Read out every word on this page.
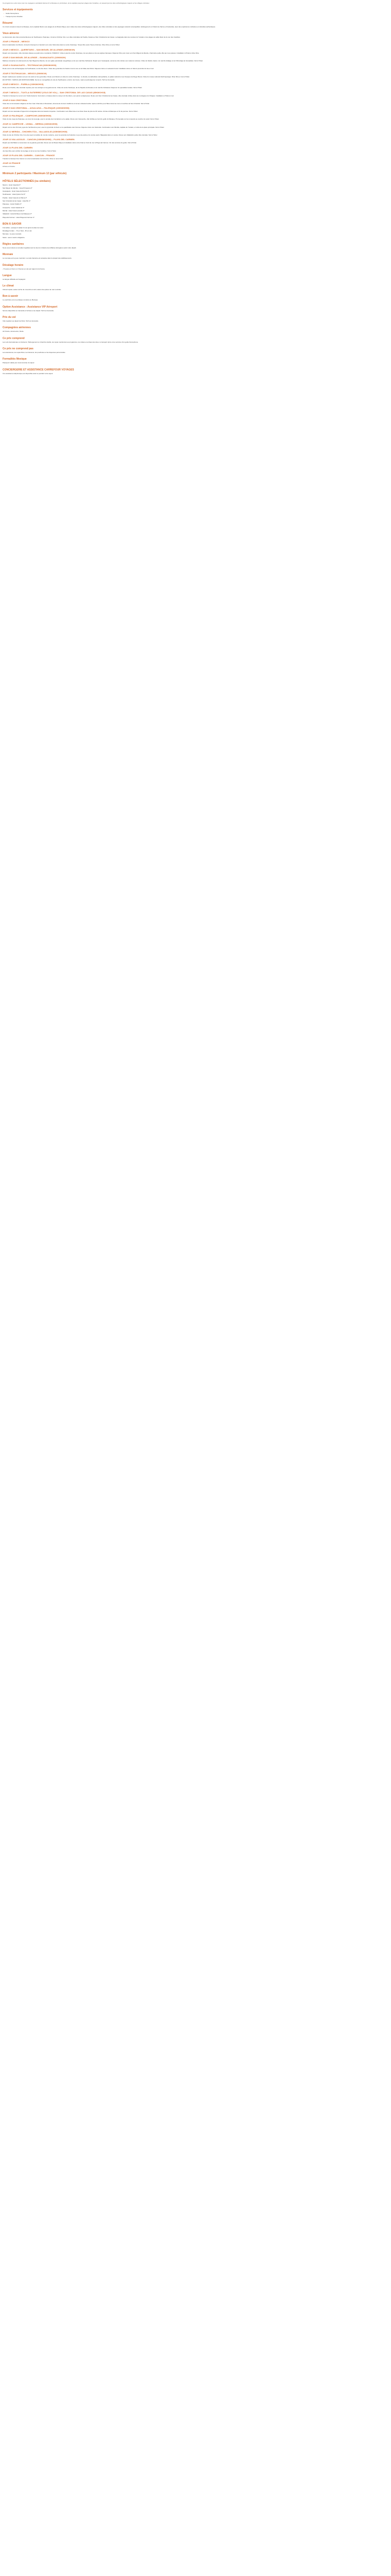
Ce programme a été conçu pour les voyageurs souhaitant découvrir le Mexique en profondeur, de la capitale jusqu'aux plages des Caraïbes, en passant par les sites archéologiques majeurs et les villages coloniaux.
Services et équipements
• Guide francophone
• Transport privé climatisé
Résumé
Un circuit complet à travers le Mexique, de la capitale Mexico aux plages de la Riviera Maya, avec visites des sites archéologiques majeurs, des villes coloniales et des paysages naturels remarquables. Hébergement en hôtels de charme et haciendas, avec des expériences culinaires et culturelles authentiques.
Vous aimerez
La découverte des cités précolombiennes de Teotihuacan, Palenque, Uxmal et Chichen Itza. Les villes coloniales de Puebla, Oaxaca et San Cristobal de las Casas. La baignade dans les cenotes du Yucatan et les plages de sable blanc de la mer des Caraïbes.
JOUR 1 FRANCE – MEXICO
Envol à destination de Mexico. Accueil à l'aéroport et transfert vers votre hôtel situé dans le centre historique. Temps libre selon l'heure d'arrivée. Dîner libre et nuit à l'hôtel.
JOUR 2 MEXICO – QUERETARO – SAN MIGUEL DE ALLENDE (300KM/4H)
Départ vers Queretaro, ville coloniale classée au patrimoine mondial de l'UNESCO. Visite à pied du centre historique, de ses places et de ses églises baroques. Déjeuner libre puis route vers San Miguel de Allende, charmante petite ville aux rues pavées. Installation à l'hôtel et dîner libre.
JOUR 3 SAN MIGUEL DE ALLENDE – GUANAJUATO (130KM/2H)
Matinée consacrée à la découverte de San Miguel de Allende, de son église paroissiale néogothique et de ses marchés d'artisanat. Départ pour Guanajuato, ancienne cité minière aux maisons colorées. Visite du théâtre Juarez, du marché Hidalgo et de l'Alhondiga de Granaditas. Nuit à l'hôtel.
JOUR 4 GUANAJUATO – TEOTIHUACAN (360KM/4H30)
Route vers le site archéologique de Teotihuacan, la cité des dieux. Visite des pyramides du Soleil et de la Lune et de l'allée des Morts. Déjeuner dans un restaurant local. Installation dans un hôtel à proximité du site et nuit.
JOUR 5 TEOTIHUACAN – MEXICO (50KM/1H)
Départ matinal pour assister au lever du soleil sur les pyramides. Route vers Mexico et visite du centre historique : le Zocalo, la cathédrale métropolitaine, le palais national et ses fresques de Diego Rivera. Visite du musée national d'anthropologie. Dîner libre et nuit à l'hôtel.
EN OPTION : SURVOL EN MONTGOLFIÈRE. Survol en montgolfière du site de Teotihuacan, environ une heure, toast et petit-déjeuner compris. Tarif sur demande.
JOUR 6 MEXICO – PUEBLA (130KM/2H15)
Route vers Puebla, ville coloniale réputée pour ses azulejos et sa gastronomie. Visite du centre historique, de la chapelle du Rosaire et du marché d'artisanat. Déjeuner de spécialités locales. Nuit à l'hôtel.
JOUR 7 MEXICO – TUXTLA GUTIERREZ (VOLS DE VOL) – SAN CRISTOBAL DE LAS CASAS (65KM/1H15)
Transfert à l'aéroport et envol vers Tuxtla Gutierrez. Excursion en bateau dans le canyon du Sumidero, aux parois vertigineuses. Route vers San Cristobal de las Casas, ville coloniale nichée dans les montagnes du Chiapas. Installation à l'hôtel et nuit.
JOUR 8 SAN CRISTOBAL
Visite des communautés indigènes de San Juan Chamula et Zinacantan, découverte de leurs traditions et de leur artisanat textile. Après-midi libre pour flâner dans les rues et marchés de San Cristobal. Nuit à l'hôtel.
JOUR 9 SAN CRISTOBAL – AGUA AZUL – PALENQUE (220KM/6H00)
Départ vers les cascades d'Agua Azul et baignade dans les bassins turquoise. Continuation vers Misol-Ha et sa chute d'eau de plus de 30 mètres. Arrivée à Palenque en fin de journée. Nuit à l'hôtel.
JOUR 10 PALENQUE – CAMPECHE (360KM/5H30)
Visite du site maya de Palenque, au cœur de la jungle, avec le temple des Inscriptions et le palais. Route vers Campeche, ville fortifiée au bord du golfe du Mexique. Promenade sur les remparts au coucher du soleil. Nuit à l'hôtel.
JOUR 11 CAMPECHE – UXMAL – MERIDA (160KM/4H00)
Départ vers le site d'Uxmal, joyau de l'architecture puuc, avec la pyramide du Devin et le quadrilatère des Nonnes. Déjeuner dans une hacienda. Continuation vers Merida, capitale du Yucatan, et visite de la place principale. Nuit à l'hôtel.
JOUR 12 MERIDA – CHICHEN ITZA – VALLADOLID (165KM/02H30)
Visite du site de Chichen Itza, l'une des sept merveilles du monde moderne, avec la pyramide de Kukulcan, le jeu de pelote et le cenote sacré. Baignade dans un cenote. Route vers Valladolid, petite ville coloniale. Nuit à l'hôtel.
JOUR 13 VALLADOLID – CANCUN (160KM/02H00) – PLAYA DEL CARMEN
Départ pour Ek Balam et ascension de sa grande pyramide. Route vers la Riviera Maya et installation dans votre hôtel en bord de mer à Playa del Carmen. Fin des services du guide. Nuit à l'hôtel.
JOUR 14 PLAYA DEL CARMEN
Journée libre pour profiter de la plage et de la mer des Caraïbes. Nuit à l'hôtel.
JOUR 15 PLAYA DEL CARMEN – CANCUN – FRANCE
Transfert à l'aéroport de Cancun et envol à destination de la France. Dîner et nuit à bord.
JOUR 16 FRANCE
Arrivée en France.
Minimum 2 participants / Maximum 12 (par véhicule)
HÔTELS SÉLECTIONNÉS (ou similaire)
Mexico : Hotel Catedral 3*
San Miguel de Allende : Casa Primavera 4*
Guanajuato : Hotel Casa del Rector 4*
Teotihuacan : Hotel Quinto Sol 3*
Puebla : Hotel Casa de la Palma 4*
San Cristobal de las Casas : Hotel Bo 4*
Palenque : Hotel Chablis 3*
Campeche : Hotel Castelmar 3*
Merida : Hotel Casa Lecanda 4*
Valladolid : Hotel El Meson del Marques 3*
Playa del Carmen : Hotel Playa del Carmen 4*
BON À SAVOIR
Formalités : passeport valide 6 mois après la date de retour.
Décalage horaire : -7h en hiver, -6h en été.
Monnaie : le peso mexicain.
Santé : aucun vaccin obligatoire.
Règles sanitaires
Nous vous invitons à consulter régulièrement le site du ministère des Affaires étrangères avant votre départ.
Monnaie
La monnaie est le peso mexicain. La carte bancaire est acceptée dans la plupart des établissements.
Décalage horaire
-7 heures en hiver et -6 heures en été par rapport à la France.
Langue
La langue officielle est l'espagnol.
Le climat
Climat tropical, saison sèche de novembre à avril, saison des pluies de mai à octobre.
Bon à savoir
Le pourboire est une pratique courante au Mexique.
Option Assistance : Assistance VIP Aéroport
Service disponible sur demande à l'arrivée et au départ. Tarif sur demande.
Prix du vol
Vols réguliers au départ de Paris. Tarif sur demande.
Compagnies aériennes
Air France, Aeromexico, Iberia.
Ce prix comprend
Les vols internationaux et intérieurs, l'hébergement en chambre double, les repas mentionnés au programme, les visites et entrées des sites, le transport privé et les services d'un guide francophone.
Ce prix ne comprend pas
Les assurances, les repas libres, les boissons, les pourboires et les dépenses personnelles.
Formalités Mexique
Passeport valide pour toute la durée du séjour.
CONCIERGERIE ET ASSISTANCE CARREFOUR VOYAGES
Une assistance téléphonique est disponible avant et pendant votre séjour.
